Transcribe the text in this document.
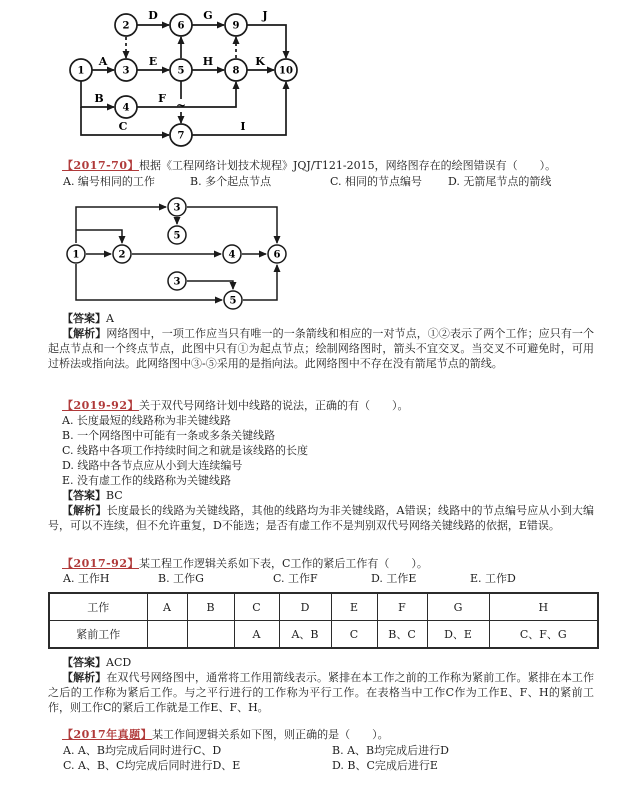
A	E	H	K
D	G	J
B	F
C	I
1
2
3
4
5
6
7
8
9
10
~

【2017-70】根据《工程网络计划技术规程》JQJ/T121-2015，网络图存在的绘图错误有（　　）。

A. 编号相同的工作	B. 多个起点节点	C. 相同的节点编号 D. 无箭尾节点的箭线
1	2
3
5
4	6
3
5

【答案】A

【解析】网络图中，一项工作应当只有唯一的一条箭线和相应的一对节点，①②表示了两个工作；应只有一个起点节点和一个终点节点，此图中只有①为起点节点；绘制网络图时，箭头不宜交叉。当交叉不可避免时，可用过桥法或指向法。此网络图中③-⑤采用的是指向法。此网络图中不存在没有箭尾节点的箭线。

【2019-92】关于双代号网络计划中线路的说法，正确的有（　　）。

A. 长度最短的线路称为非关键线路

B. 一个网络图中可能有一条或多条关键线路

C. 线路中各项工作持续时间之和就是该线路的长度

D. 线路中各节点应从小到大连续编号

E. 没有虚工作的线路称为关键线路

【答案】BC

【解析】长度最长的线路为关键线路，其他的线路均为非关键线路，A错误；线路中的节点编号应从小到大编号，可以不连续，但不允许重复，D不能选；是否有虚工作不是判别双代号网络关键线路的依据，E错误。

【2017-92】某工程工作逻辑关系如下表，C工作的紧后工作有（　　）。

A. 工作H	B. 工作G	C. 工作F	D. 工作E	E. 工作D
工作	A	B	C	D	E	F	G	H
紧前工作			A	A、B	C	B、C	D、E	C、F、G

【答案】ACD

【解析】在双代号网络图中，通常将工作用箭线表示。紧排在本工作之前的工作称为紧前工作。紧排在本工作之后的工作称为紧后工作。与之平行进行的工作称为平行工作。在表格当中工作C作为工作E、F、H的紧前工作，则工作C的紧后工作就是工作E、F、H。

【2017年真题】某工作间逻辑关系如下图，则正确的是（　　）。

A. A、B均完成后同时进行C、D	B. A、B均完成后进行D
C. A、B、C均完成后同时进行D、E	D. B、C完成后进行E
